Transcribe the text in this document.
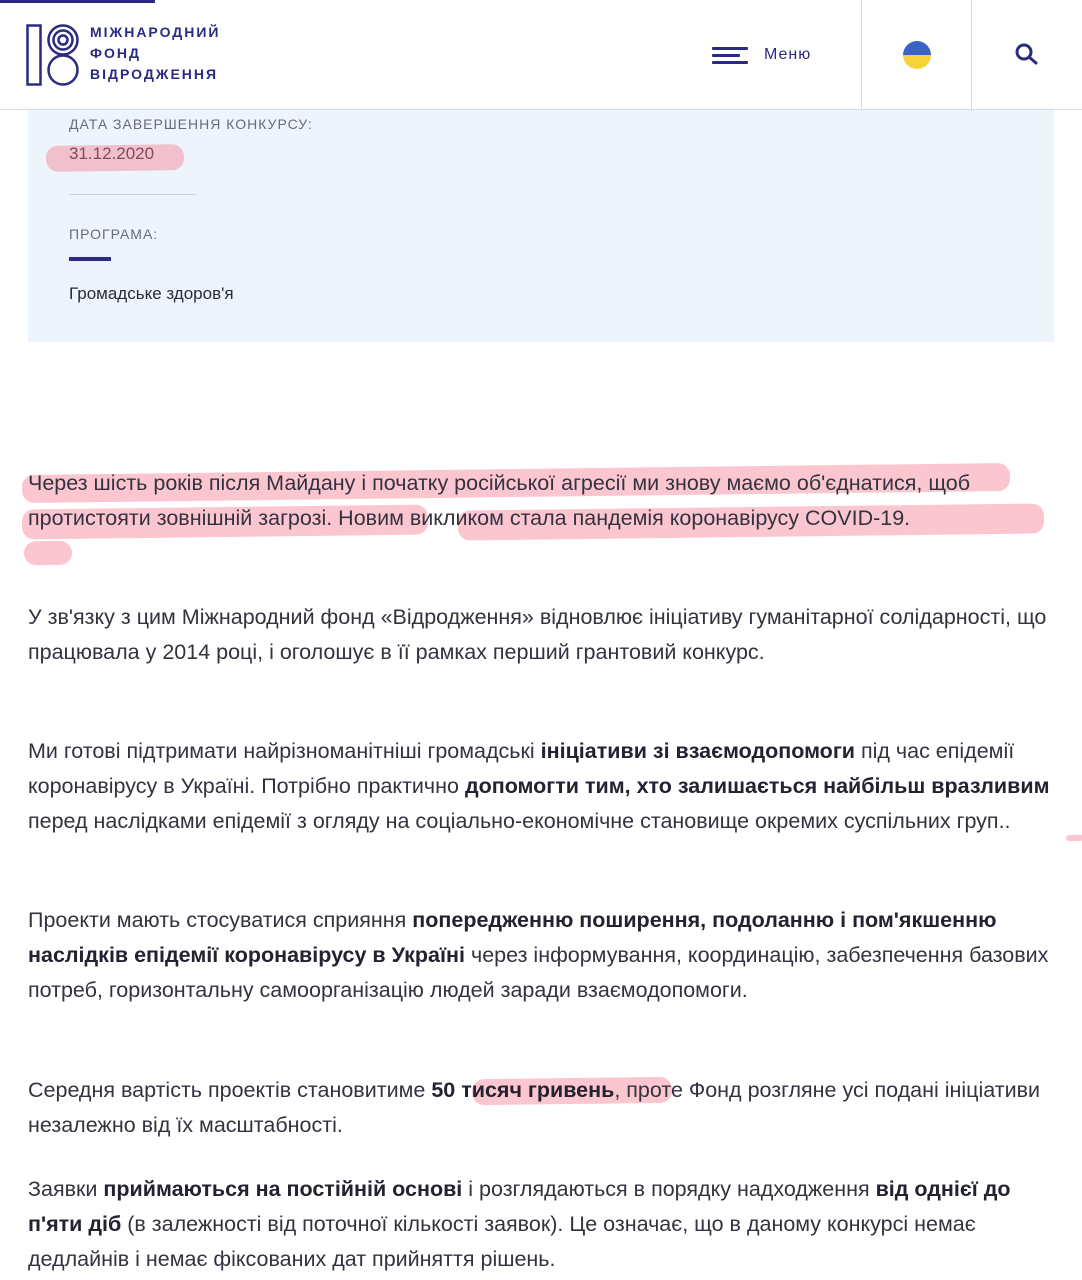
МІЖНАРОДНИЙ
ФОНД
ВІДРОДЖЕННЯ
Меню
ДАТА ЗАВЕРШЕННЯ КОНКУРСУ:
31.12.2020
ПРОГРАМА:
Громадське здоров'я

Через шість років після Майдану і початку російської агресії ми знову маємо об'єднатися, щоб протистояти зовнішній загрозі. Новим викликом стала пандемія коронавірусу COVID-19.

У зв'язку з цим Міжнародний фонд «Відродження» відновлює ініціативу гуманітарної солідарності, що працювала у 2014 році, і оголошує в її рамках перший грантовий конкурс.

Ми готові підтримати найрізноманітніші громадські ініціативи зі взаємодопомоги під час епідемії коронавірусу в Україні. Потрібно практично допомогти тим, хто залишається найбільш вразливим перед наслідками епідемії з огляду на соціально-економічне становище окремих суспільних груп..

Проекти мають стосуватися сприяння попередженню поширення, подоланню і пом'якшенню наслідків епідемії коронавірусу в Україні через інформування, координацію, забезпечення базових потреб, горизонтальну самоорганізацію людей заради взаємодопомоги.

Середня вартість проектів становитиме 50 тисяч гривень, проте Фонд розгляне усі подані ініціативи незалежно від їх масштабності.

Заявки приймаються на постійній основі і розглядаються в порядку надходження від однієї до п'яти діб (в залежності від поточної кількості заявок). Це означає, що в даному конкурсі немає дедлайнів і немає фіксованих дат прийняття рішень.
